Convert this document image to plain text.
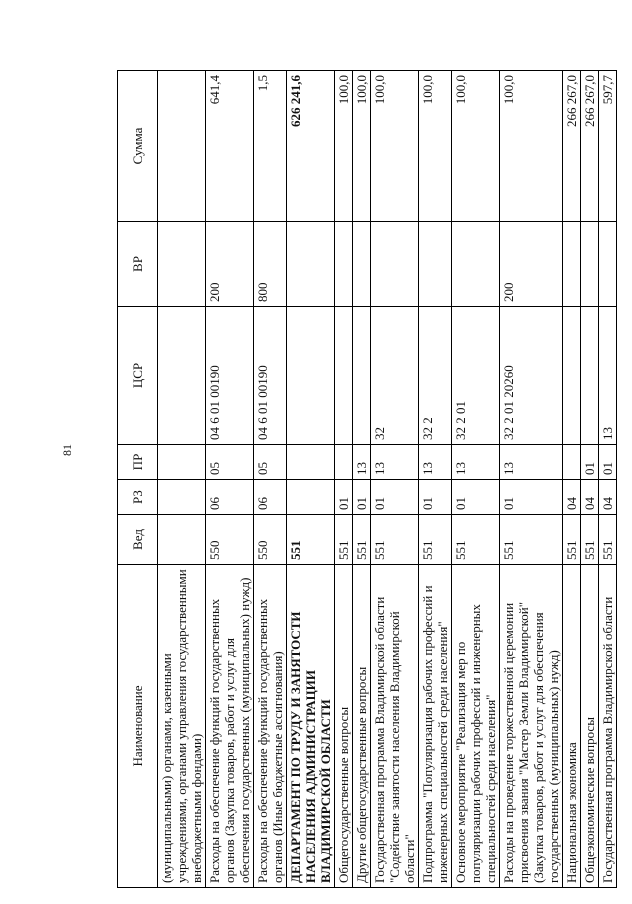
81
Наименование	Вед	РЗ	ПР	ЦСР	ВР	Сумма
(муниципальными) органами, казенными учреждениями, органами управления государственными внебюджетными фондами)						
Расходы на обеспечение функций государственных органов (Закупка товаров, работ и услуг для обеспечения государственных (муниципальных) нужд)	550	06	05	04 6 01 00190	200	641,4
Расходы на обеспечение функций государственных органов (Иные бюджетные ассигнования)	550	06	05	04 6 01 00190	800	1,5
ДЕПАРТАМЕНТ ПО ТРУДУ И ЗАНЯТОСТИ НАСЕЛЕНИЯ АДМИНИСТРАЦИИ ВЛАДИМИРСКОЙ ОБЛАСТИ	551					626 241,6
Общегосударственные вопросы	551	01				100,0
Другие общегосударственные вопросы	551	01	13			100,0
Государственная программа Владимирской области "Содействие занятости населения Владимирской области"	551	01	13	32		100,0
Подпрограмма "Популяризация рабочих профессий и инженерных специальностей среди населения"	551	01	13	32 2		100,0
Основное мероприятие "Реализация мер по популяризации рабочих профессий и инженерных специальностей среди населения"	551	01	13	32 2 01		100,0
Расходы на проведение торжественной церемонии присвоения звания "Мастер Земли Владимирской" (Закупка товаров, работ и услуг для обеспечения государственных (муниципальных) нужд)	551	01	13	32 2 01 20260	200	100,0
Национальная экономика	551	04				266 267,0
Общеэкономические вопросы	551	04	01			266 267,0
Государственная программа Владимирской области	551	04	01	13		597,7
